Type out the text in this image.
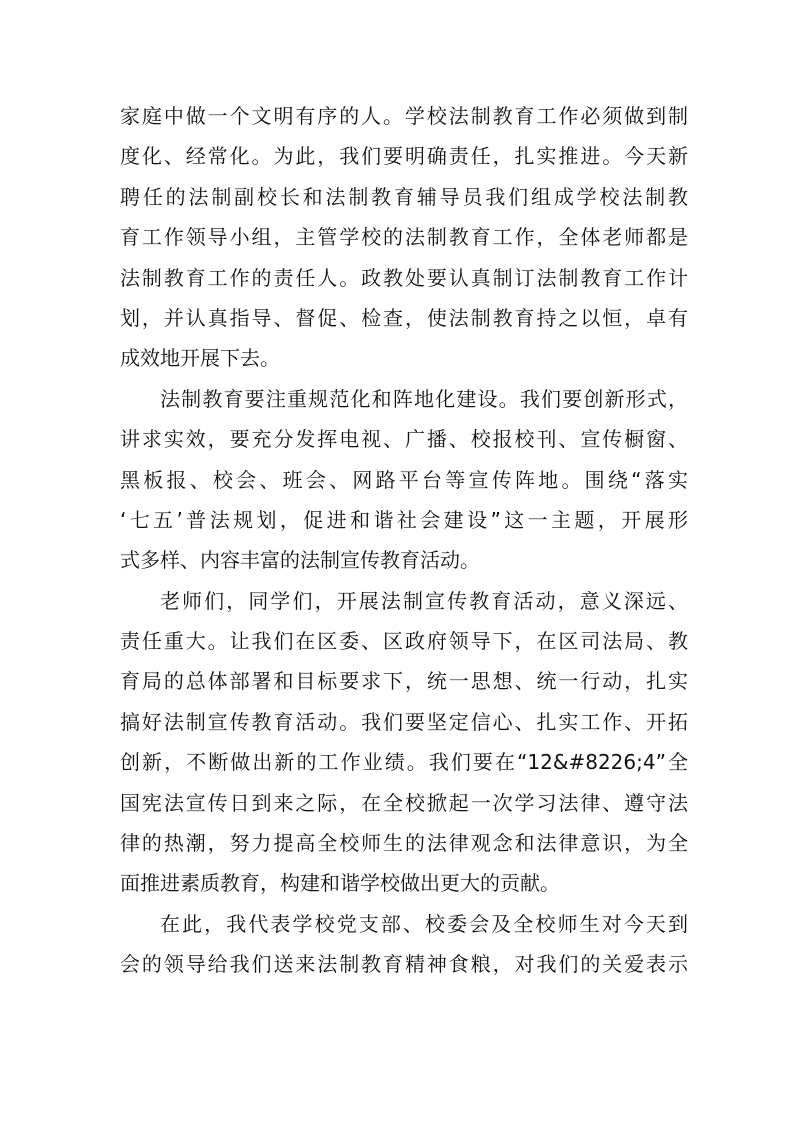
家庭中做一个文明有序的人。学校法制教育工作必须做到制
度化、经常化。为此，我们要明确责任，扎实推进。今天新
聘任的法制副校长和法制教育辅导员我们组成学校法制教
育工作领导小组，主管学校的法制教育工作，全体老师都是
法制教育工作的责任人。政教处要认真制订法制教育工作计
划，并认真指导、督促、检查，使法制教育持之以恒，卓有
成效地开展下去。
法制教育要注重规范化和阵地化建设。我们要创新形式，
讲求实效，要充分发挥电视、广播、校报校刊、宣传橱窗、
黑板报、校会、班会、网路平台等宣传阵地。围绕“落实
‘七五’普法规划，促进和谐社会建设”这一主题，开展形
式多样、内容丰富的法制宣传教育活动。
老师们，同学们，开展法制宣传教育活动，意义深远、
责任重大。让我们在区委、区政府领导下，在区司法局、教
育局的总体部署和目标要求下，统一思想、统一行动，扎实
搞好法制宣传教育活动。我们要坚定信心、扎实工作、开拓
创新，不断做出新的工作业绩。我们要在“12&#8226;4”全
国宪法宣传日到来之际，在全校掀起一次学习法律、遵守法
律的热潮，努力提高全校师生的法律观念和法律意识，为全
面推进素质教育，构建和谐学校做出更大的贡献。
在此，我代表学校党支部、校委会及全校师生对今天到
会的领导给我们送来法制教育精神食粮，对我们的关爱表示
